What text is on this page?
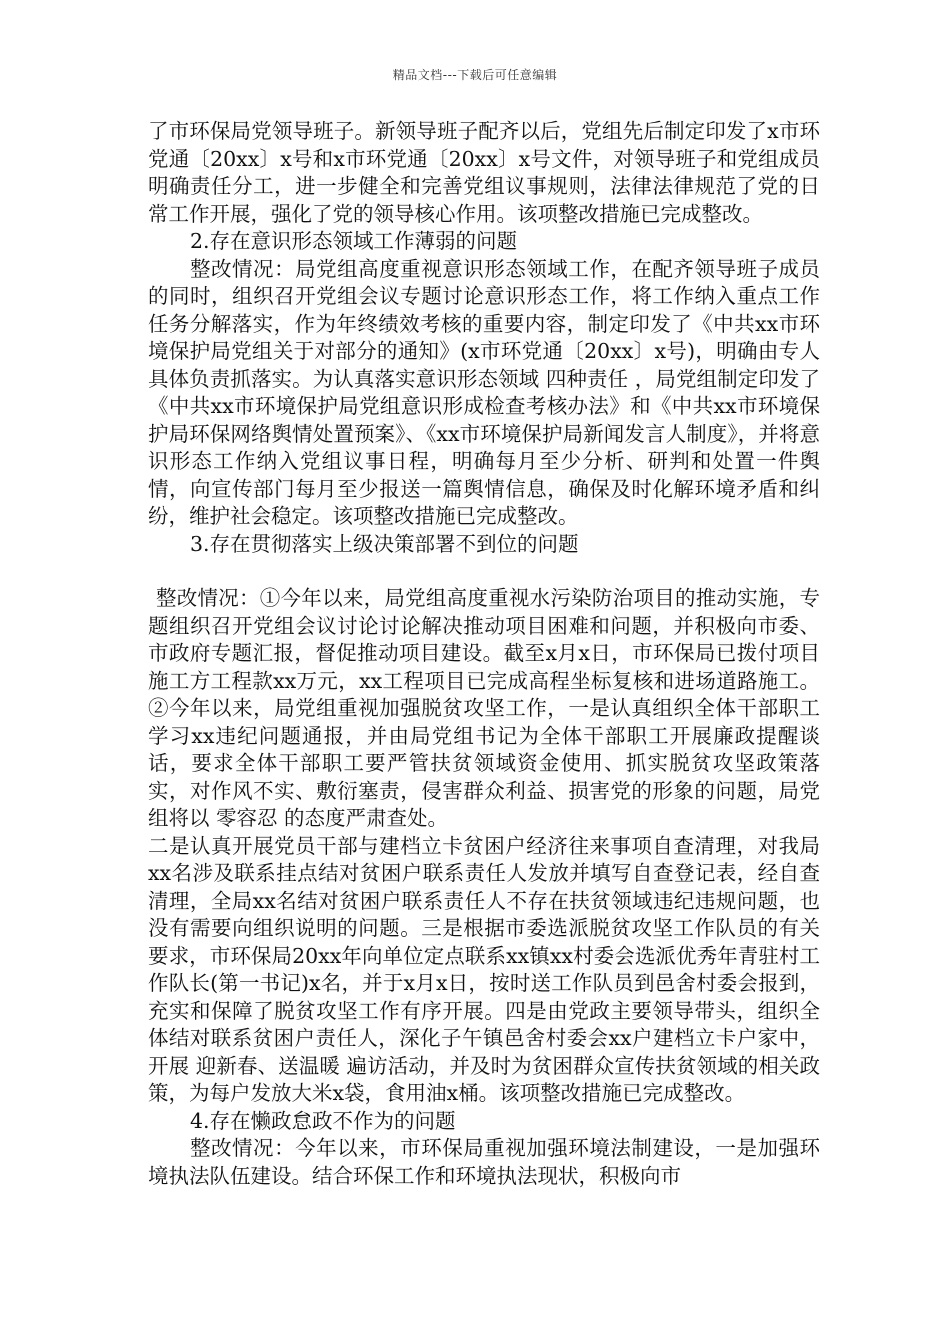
精品文档---下载后可任意编辑

了市环保局党领导班子。新领导班子配齐以后，党组先后制定印发了x市环党通〔20xx〕x号和x市环党通〔20xx〕x号文件，对领导班子和党组成员明确责任分工，进一步健全和完善党组议事规则，法律法律规范了党的日常工作开展，强化了党的领导核心作用。该项整改措施已完成整改。

2.存在意识形态领域工作薄弱的问题

整改情况：局党组高度重视意识形态领域工作，在配齐领导班子成员的同时，组织召开党组会议专题讨论意识形态工作，将工作纳入重点工作任务分解落实，作为年终绩效考核的重要内容，制定印发了《中共xx市环境保护局党组关于对部分的通知》(x市环党通〔20xx〕x号)，明确由专人具体负责抓落实。为认真落实意识形态领域 四种责任 ，局党组制定印发了《中共xx市环境保护局党组意识形成检查考核办法》和《中共xx市环境保护局环保网络舆情处置预案》、《xx市环境保护局新闻发言人制度》，并将意识形态工作纳入党组议事日程，明确每月至少分析、研判和处置一件舆情，向宣传部门每月至少报送一篇舆情信息，确保及时化解环境矛盾和纠纷，维护社会稳定。该项整改措施已完成整改。

3.存在贯彻落实上级决策部署不到位的问题

整改情况：①今年以来，局党组高度重视水污染防治项目的推动实施，专题组织召开党组会议讨论讨论解决推动项目困难和问题，并积极向市委、市政府专题汇报，督促推动项目建设。截至x月x日，市环保局已拨付项目施工方工程款xx万元，xx工程项目已完成高程坐标复核和进场道路施工。②今年以来，局党组重视加强脱贫攻坚工作，一是认真组织全体干部职工学习xx违纪问题通报，并由局党组书记为全体干部职工开展廉政提醒谈话，要求全体干部职工要严管扶贫领域资金使用、抓实脱贫攻坚政策落实，对作风不实、敷衍塞责，侵害群众利益、损害党的形象的问题，局党组将以 零容忍 的态度严肃查处。

二是认真开展党员干部与建档立卡贫困户经济往来事项自查清理，对我局xx名涉及联系挂点结对贫困户联系责任人发放并填写自查登记表，经自查清理，全局xx名结对贫困户联系责任人不存在扶贫领域违纪违规问题，也没有需要向组织说明的问题。三是根据市委选派脱贫攻坚工作队员的有关要求，市环保局20xx年向单位定点联系xx镇xx村委会选派优秀年青驻村工作队长(第一书记)x名，并于x月x日，按时送工作队员到邑舍村委会报到，充实和保障了脱贫攻坚工作有序开展。四是由党政主要领导带头，组织全体结对联系贫困户责任人，深化子午镇邑舍村委会xx户建档立卡户家中，开展 迎新春、送温暖 遍访活动，并及时为贫困群众宣传扶贫领域的相关政策，为每户发放大米x袋，食用油x桶。该项整改措施已完成整改。

4.存在懒政怠政不作为的问题

整改情况：今年以来，市环保局重视加强环境法制建设，一是加强环境执法队伍建设。结合环保工作和环境执法现状，积极向市
